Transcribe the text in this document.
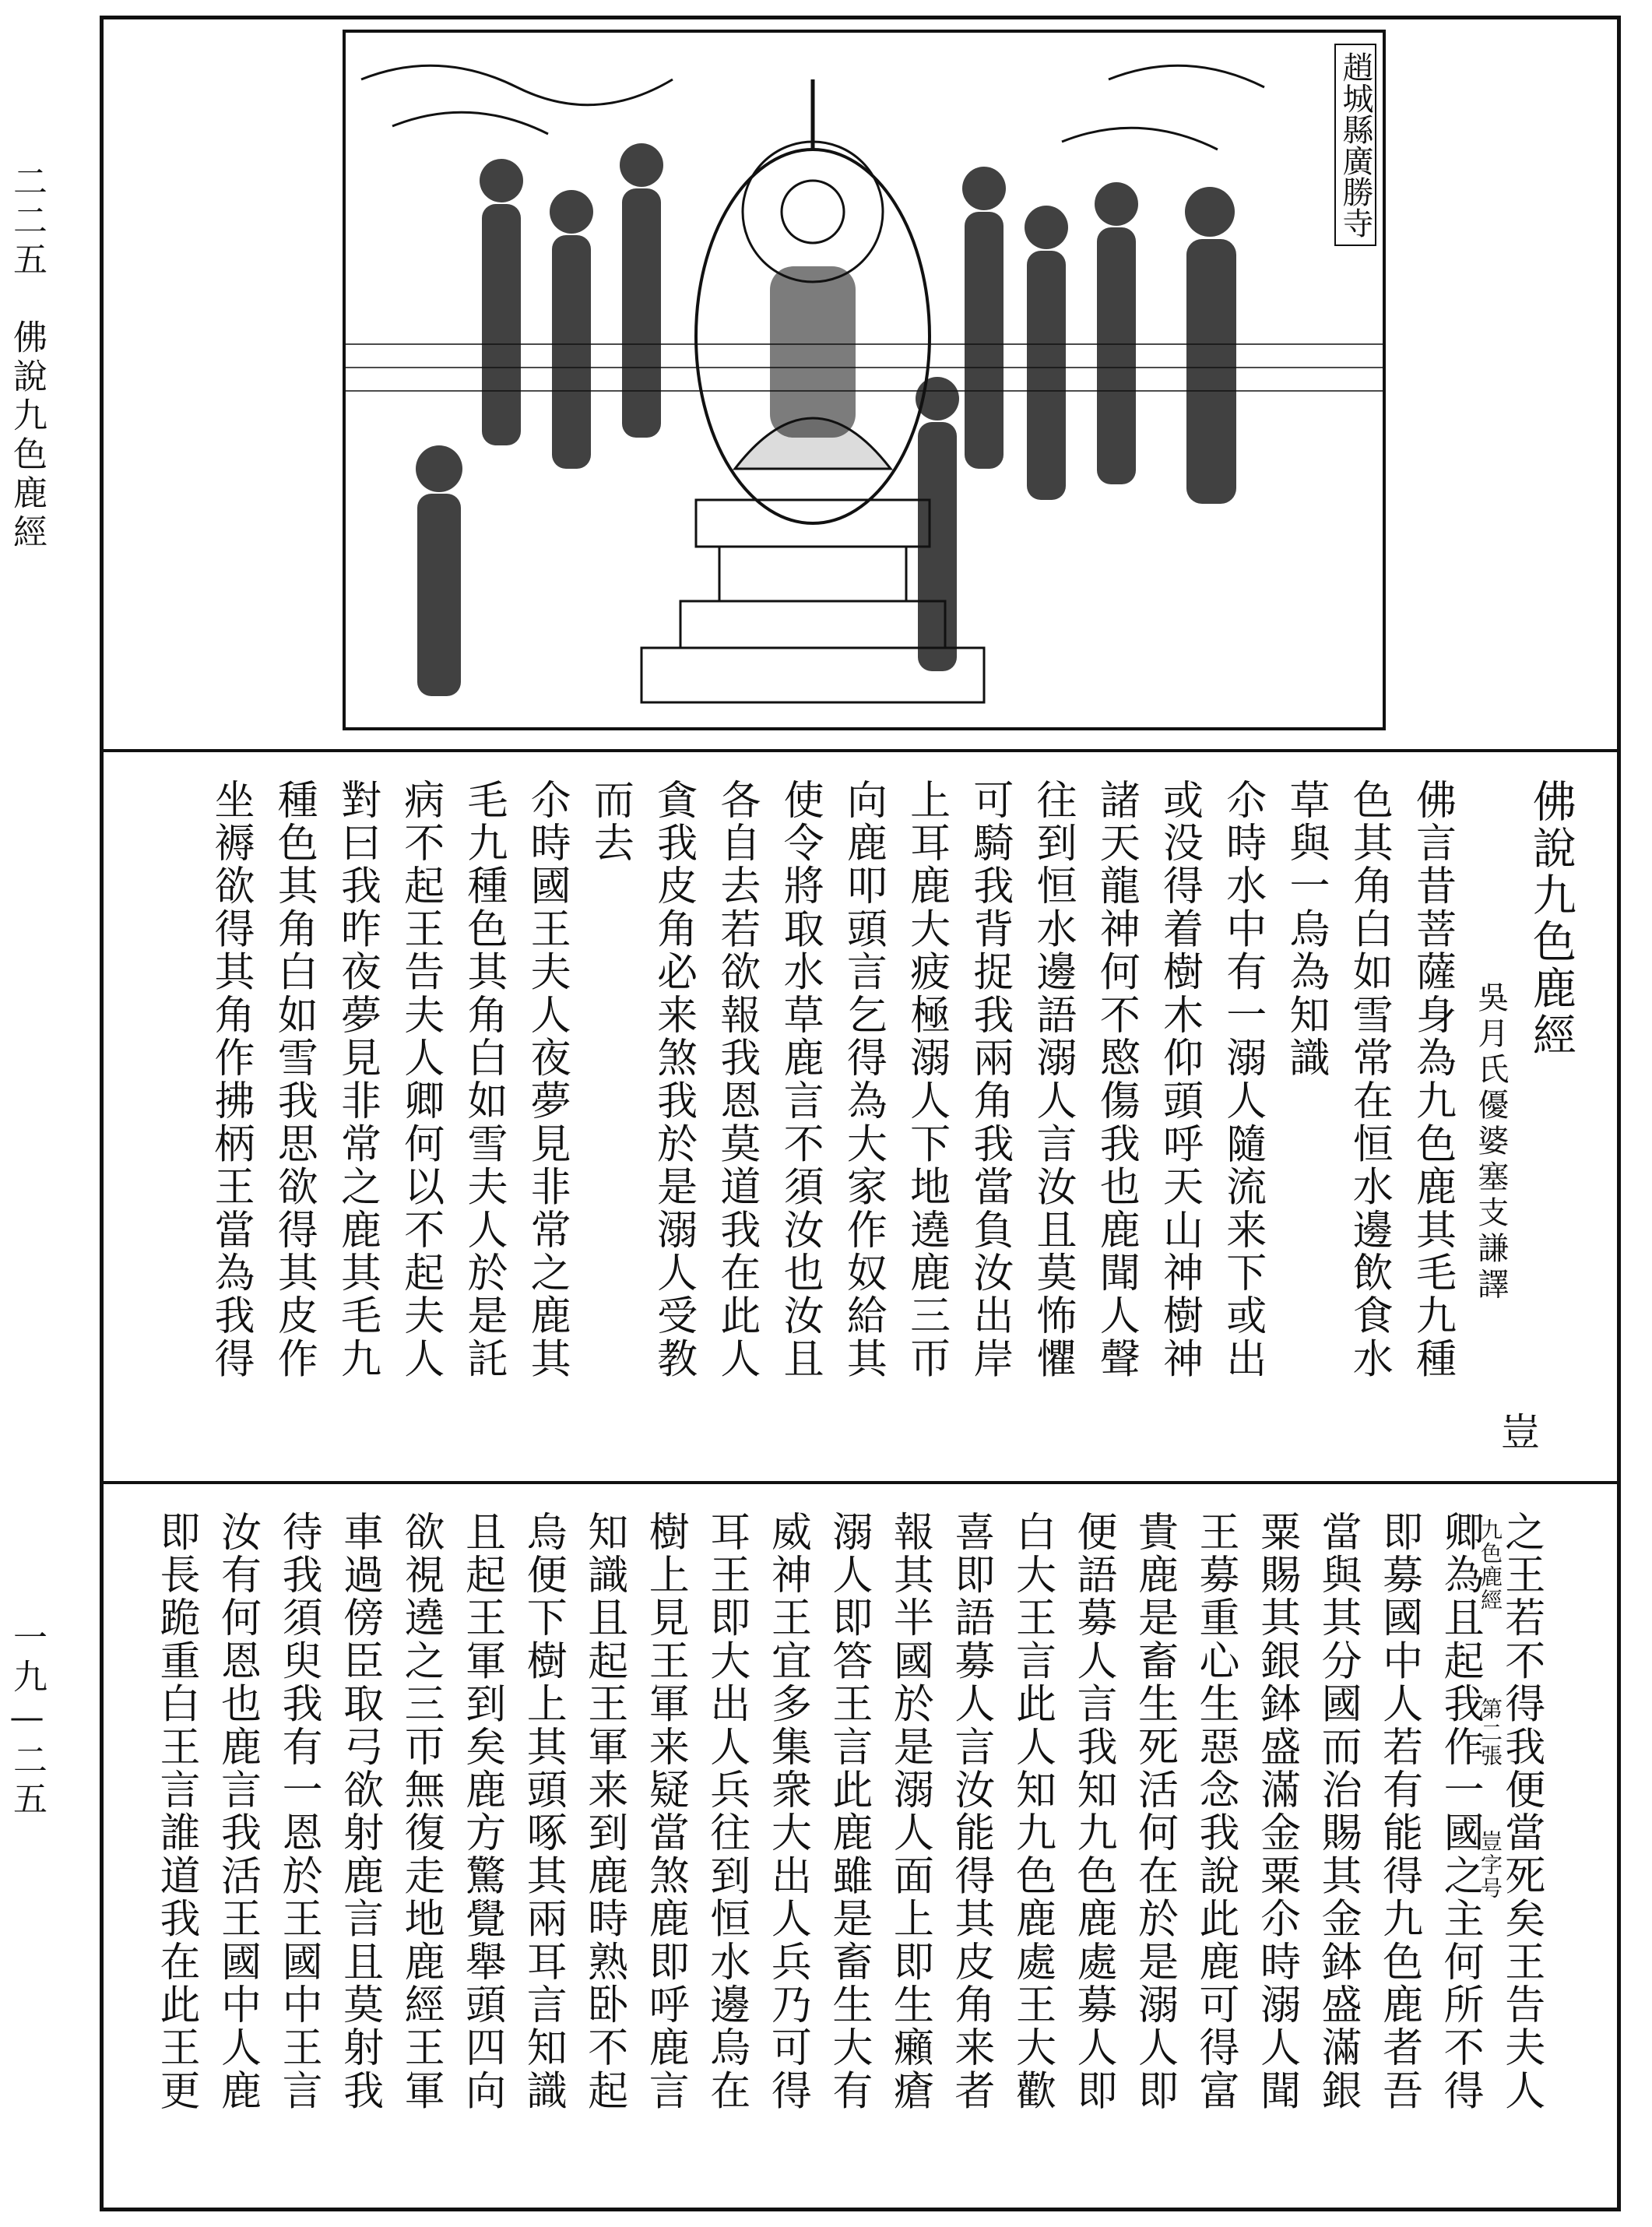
二二五　佛說九色鹿經
一九—二五
趙城縣廣勝寺
佛說九色鹿經
吳月氏優婆塞支謙譯
佛言昔菩薩身為九色鹿其毛九種
色其角白如雪常在恒水邊飲食水
草與一烏為知識
尒時水中有一溺人隨流来下或出
或没得着樹木仰頭呼天山神樹神
諸天龍神何不愍傷我也鹿聞人聲
往到恒水邊語溺人言汝且莫怖懼
可騎我背捉我兩角我當負汝出岸
上耳鹿大疲極溺人下地遶鹿三帀
向鹿叩頭言乞得為大家作奴給其
使令將取水草鹿言不須汝也汝且
各自去若欲報我恩莫道我在此人
貪我皮角必来煞我於是溺人受教
而去
尒時國王夫人夜夢見非常之鹿其
毛九種色其角白如雪夫人於是託
病不起王告夫人卿何以不起夫人
對曰我昨夜夢見非常之鹿其毛九
種色其角白如雪我思欲得其皮作
坐褥欲得其角作拂柄王當為我得
豈
九色鹿經
第二張
豈字号
之王若不得我便當死矣王告夫人
卿為且起我作一國之主何所不得
即募國中人若有能得九色鹿者吾
當與其分國而治賜其金鉢盛滿銀
粟賜其銀鉢盛滿金粟尒時溺人聞
王募重心生惡念我說此鹿可得富
貴鹿是畜生死活何在於是溺人即
便語募人言我知九色鹿處募人即
白大王言此人知九色鹿處王大歡
喜即語募人言汝能得其皮角来者
報其半國於是溺人面上即生癩瘡
溺人即答王言此鹿雖是畜生大有
威神王宜多集衆大出人兵乃可得
耳王即大出人兵往到恒水邊烏在
樹上見王軍来疑當煞鹿即呼鹿言
知識且起王軍来到鹿時熟卧不起
烏便下樹上其頭啄其兩耳言知識
且起王軍到矣鹿方驚覺舉頭四向
欲視遶之三帀無復走地鹿經王軍
車過傍臣取弓欲射鹿言且莫射我
待我須臾我有一恩於王國中王言
汝有何恩也鹿言我活王國中人鹿
即長跪重白王言誰道我在此王更
